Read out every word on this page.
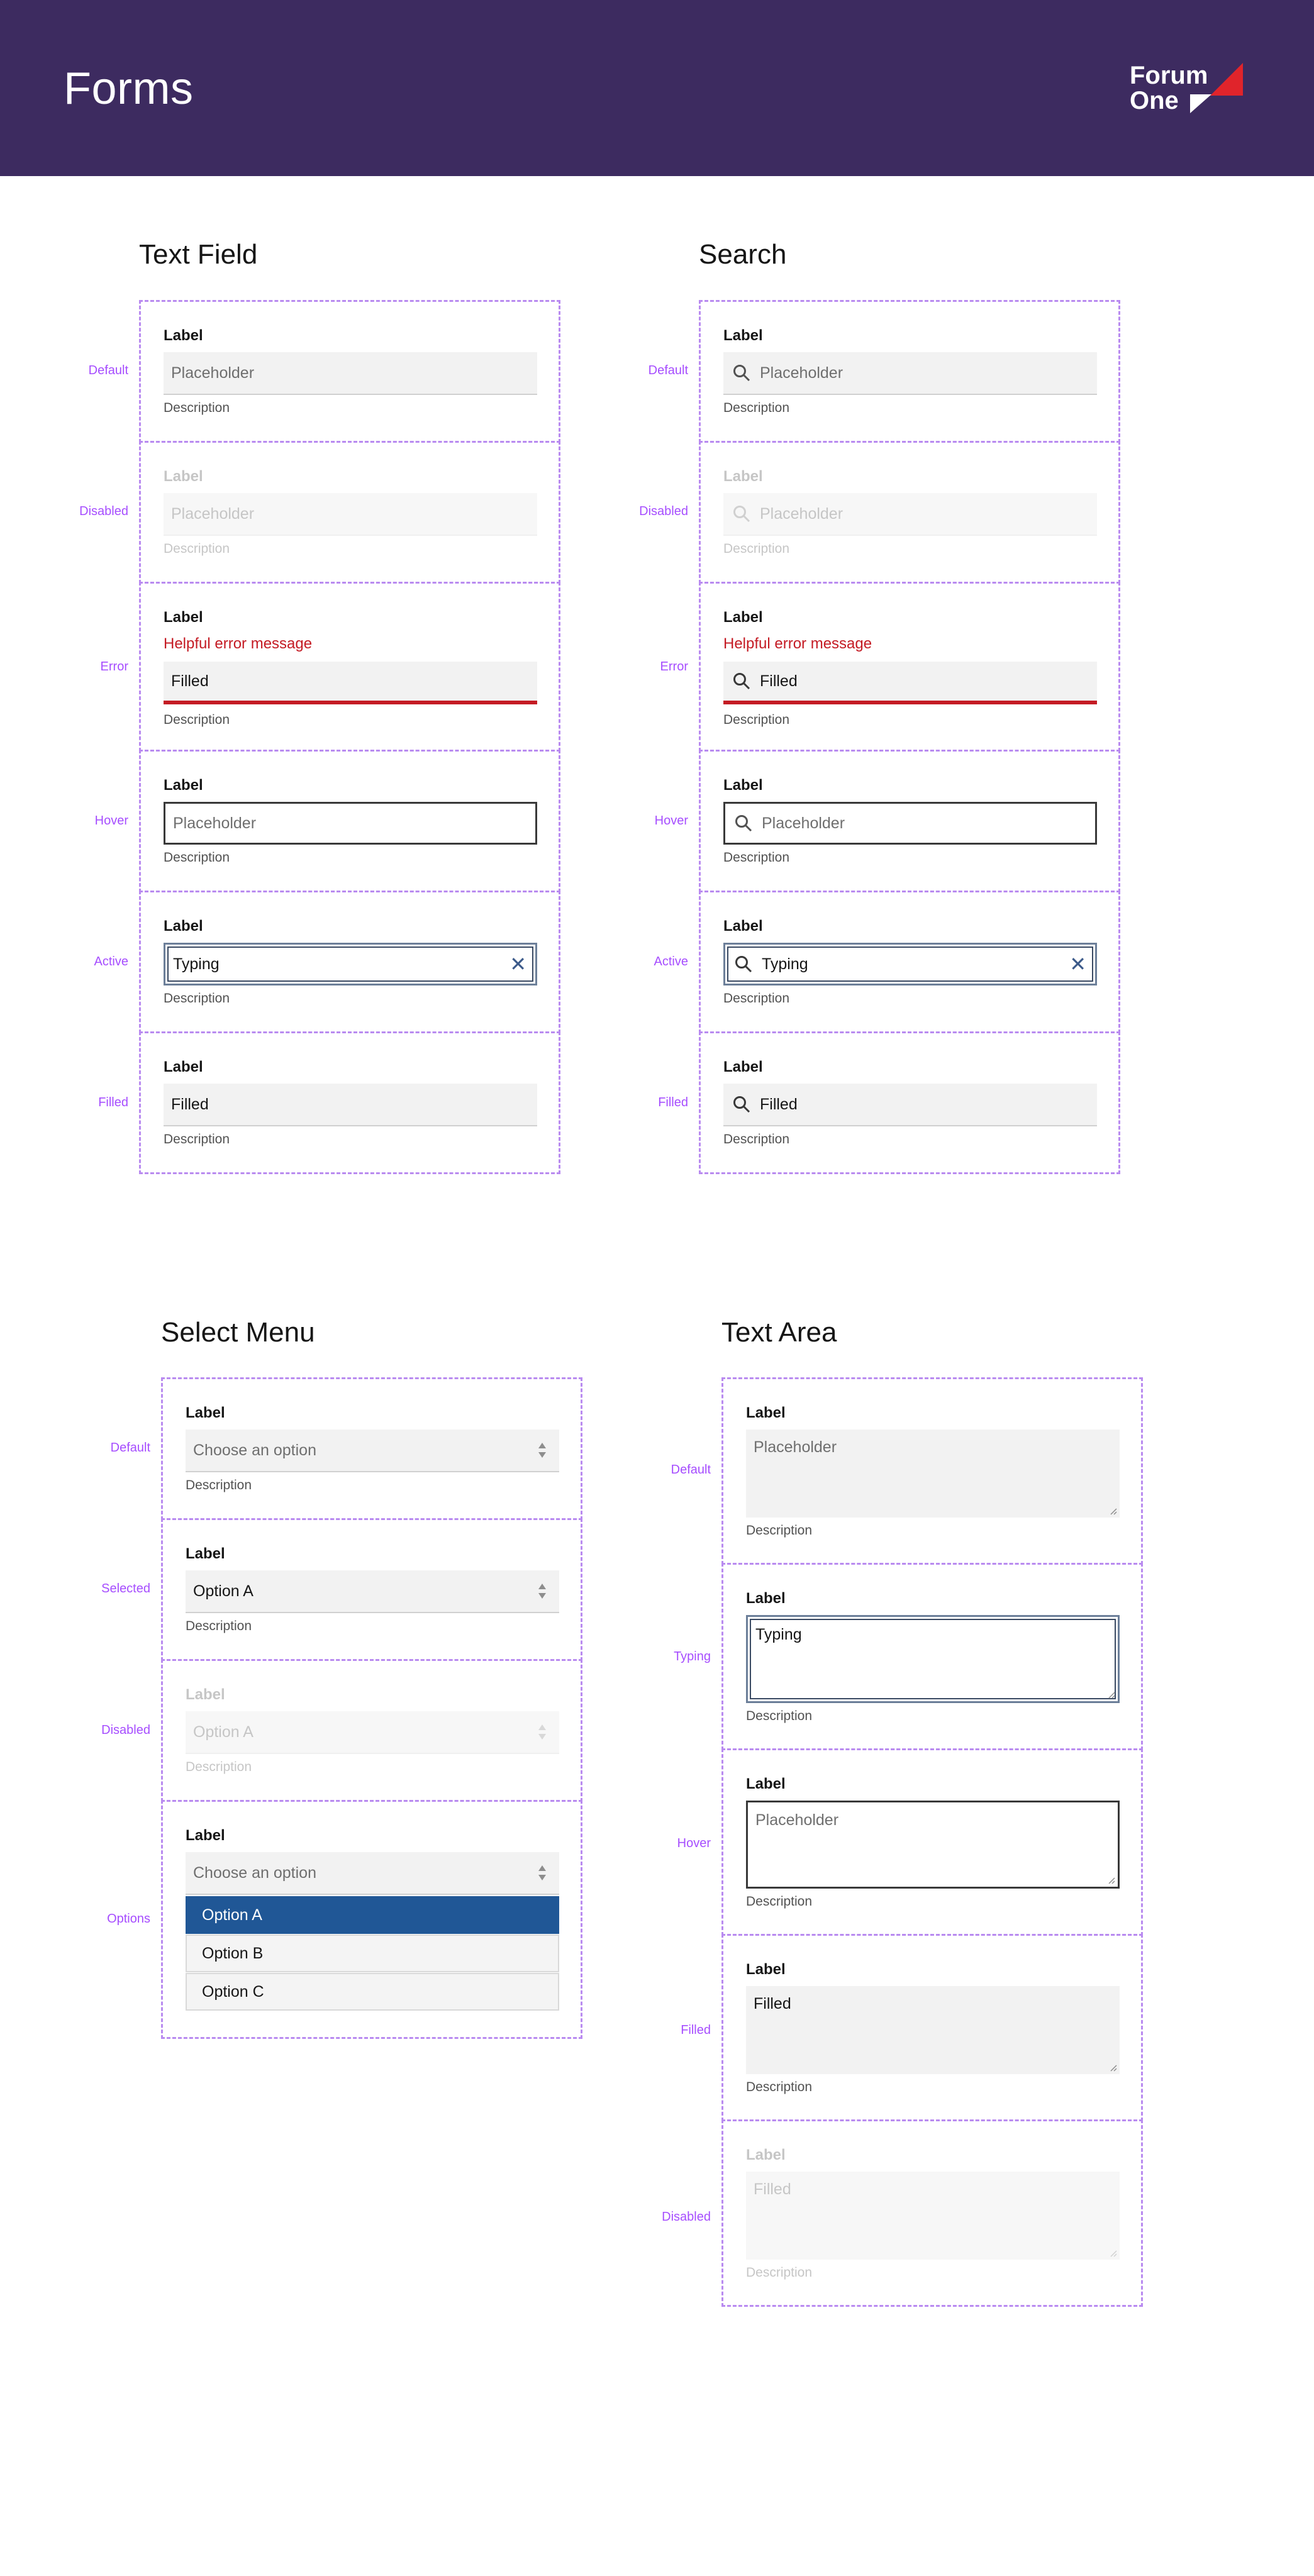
Forms	Forum
One
Text Field
Label
Placeholder
Description
Label
Placeholder
Description
Label
Helpful error message
Filled
Description
Label
Placeholder
Description
Label
Typing	✕
Description
Label
Filled
Description
Default
Disabled
Error
Hover
Active
Filled
Search
Label
Placeholder
Description
Label
Placeholder
Description
Label
Helpful error message
Filled
Description
Label
Placeholder
Description
Label
Typing	✕
Description
Label
Filled
Description
Default
Disabled
Error
Hover
Active
Filled
Select Menu
Label
Choose an option
Description
Label
Option A
Description
Label
Option A
Description
Label
Choose an option
Option A
Option B
Option C
Default
Selected
Disabled
Options
Text Area
Label
Placeholder
Description
Label
Typing
Description
Label
Placeholder
Description
Label
Filled
Description
Label
Filled
Description
Default
Typing
Hover
Filled
Disabled
